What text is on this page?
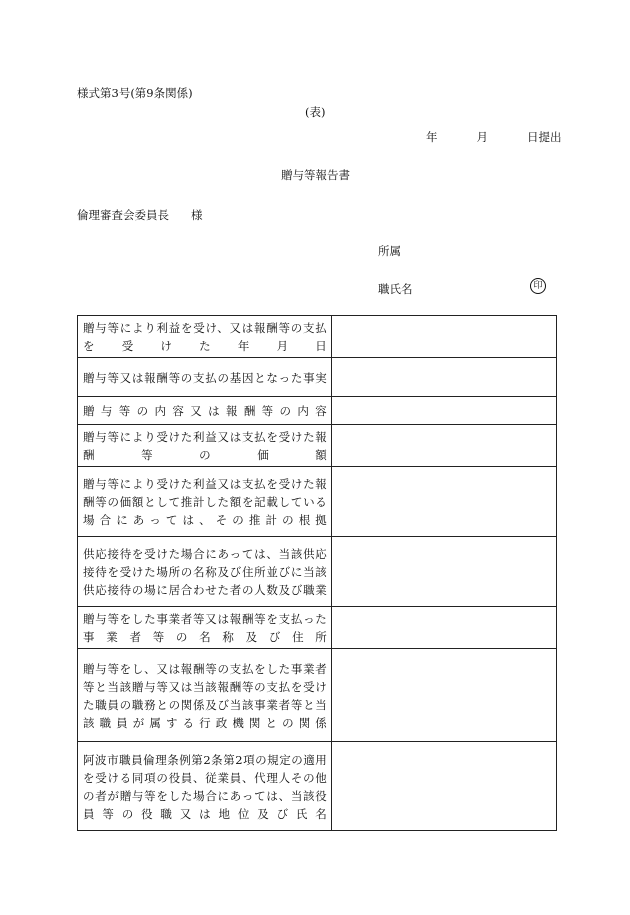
様式第3号(第9条関係)
(表)
年	月	日提出
贈与等報告書
倫理審査会委員長 様
所属
職氏名	印
贈与等により利益を受け、又は報酬等の支払を受けた年月日	

贈与等又は報酬等の支払の基因となった事実	

贈与等の内容又は報酬等の内容	

贈与等により受けた利益又は支払を受けた報酬等の価額	

贈与等により受けた利益又は支払を受けた報酬等の価額として推計した額を記載している場合にあっては、その推計の根拠	

供応接待を受けた場合にあっては、当該供応接待を受けた場所の名称及び住所並びに当該供応接待の場に居合わせた者の人数及び職業	

贈与等をした事業者等又は報酬等を支払った事業者等の名称及び住所	

贈与等をし、又は報酬等の支払をした事業者等と当該贈与等又は当該報酬等の支払を受けた職員の職務との関係及び当該事業者等と当該職員が属する行政機関との関係	

阿波市職員倫理条例第2条第2項の規定の適用を受ける同項の役員、従業員、代理人その他の者が贈与等をした場合にあっては、当該役員等の役職又は地位及び氏名	
